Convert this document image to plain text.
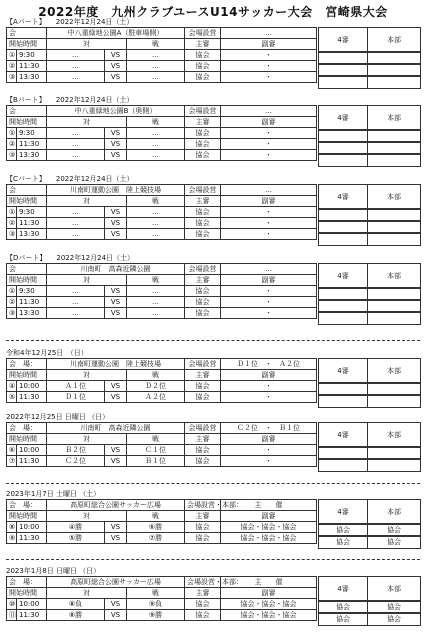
2022年度　九州クラブユースU14サッカー大会　宮崎県大会
【Aパート】 2022年12月24日（土）
会		中八重緑地公園A（駐車場側）			会場設営	…
開始時間		対		戦	主審	副審
①	9:30	…	VS	…	協会	・
②	11:30	…	VS	…	協会	・
③	13:30	…	VS	…	協会	・
4審	本部
【Bパート】 2022年12月24日（土）
会		中八重緑地公園B（奥側）			会場設営	…
開始時間		対		戦	主審	副審
①	9:30	…	VS	…	協会	・
②	11:30	…	VS	…	協会	・
③	13:30	…	VS	…	協会	・
4審	本部
【Cパート】 2022年12月24日（土）
会		川南町運動公園　陸上競技場			会場設営	…
開始時間		対		戦	主審	副審
①	9:30	…	VS	…	協会	・
②	11:30	…	VS	…	協会	・
③	13:30	…	VS	…	協会	・
4審	本部
【Dパート】 2022年12月24日（土）
会		川南町　高森近隣公園			会場設営	…
開始時間		対		戦	主審	副審
①	9:30	…	VS	…	協会	・
②	11:30	…	VS	…	協会	・
③	13:30	…	VS	…	協会	・
4審	本部
令和4年12月25日　（日）
会　場：		川南町運動公園　陸上競技場			会場設営	Ｄ１位　・　Ａ２位
開始時間		対		戦	主審	副審
④	10:00	Ａ１位	VS	Ｄ２位	協会	・
⑤	11:30	Ｄ１位	VS	Ａ２位	協会	・
4審	本部
2022年12月25日 日曜日 （日）
会　場：		川南町　高森近隣公園			会場設営	Ｃ２位　・　Ｂ１位
開始時間		対		戦	主審	副審
⑥	10:00	Ｂ２位	VS	Ｃ１位	協会	・
⑦	11:30	Ｃ２位	VS	Ｂ１位	協会	・
4審	本部
2023年1月7日 土曜日 （土）
会　場：		高原町総合公園サッカー広場			会場設営・本部：	主　　催
開始時間		対		戦	主審	副審
⑧	10:00	④勝	VS	⑥勝	協会	協会・協会・協会
⑨	11:30	⑤勝	VS	⑦勝	協会	協会・協会・協会
4審	本部
協会	協会
協会	協会
2023年1月8日 日曜日 （日）
会　場：		高原町総合公園サッカー広場			会場設営・本部：	主　　催
開始時間		対		戦	主審	副審
⑩	10:00	⑧負	VS	⑨負	協会	協会・協会・協会
⑪	11:30	⑧勝	VS	⑨勝	協会	協会・協会・協会
4審	本部
協会	協会
協会	協会
